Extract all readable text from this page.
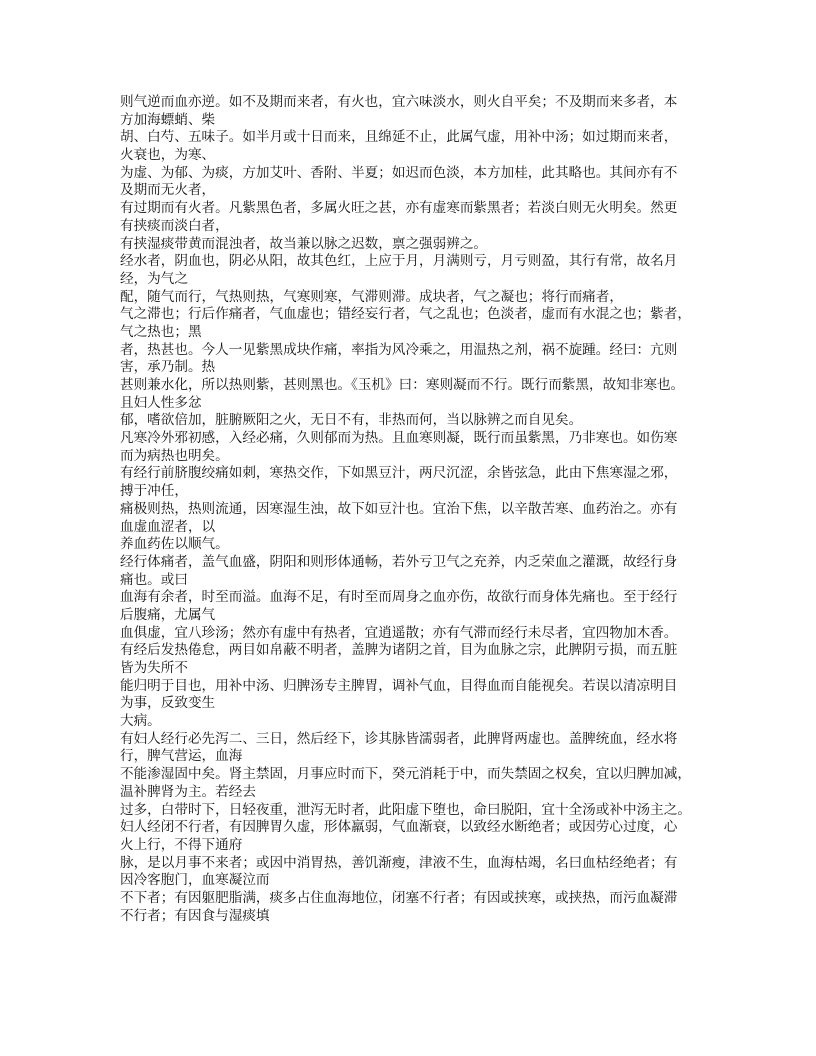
则气逆而血亦逆。如不及期而来者，有火也，宜六味淡水，则火自平矣；不及期而来多者，本
方加海螵蛸、柴
胡、白芍、五味子。如半月或十日而来，且绵延不止，此属气虚，用补中汤；如过期而来者，
火衰也，为寒、
为虚、为郁、为痰，方加艾叶、香附、半夏；如迟而色淡，本方加桂，此其略也。其间亦有不
及期而无火者，
有过期而有火者。凡紫黑色者，多属火旺之甚，亦有虚寒而紫黑者；若淡白则无火明矣。然更
有挟痰而淡白者，
有挟湿痰带黄而混浊者，故当兼以脉之迟数，禀之强弱辨之。
经水者，阴血也，阴必从阳，故其色红，上应于月，月满则亏，月亏则盈，其行有常，故名月
经，为气之
配，随气而行，气热则热，气寒则寒，气滞则滞。成块者，气之凝也；将行而痛者，
气之滞也；行后作痛者，气血虚也；错经妄行者，气之乱也；色淡者，虚而有水混之也；紫者，
气之热也；黑
者，热甚也。今人一见紫黑成块作痛，率指为风冷乘之，用温热之剂，祸不旋踵。经曰：亢则
害，承乃制。热
甚则兼水化，所以热则紫，甚则黑也。《玉机》曰：寒则凝而不行。既行而紫黑，故知非寒也。
且妇人性多忿
郁，嗜欲倍加，脏腑厥阳之火，无日不有，非热而何，当以脉辨之而自见矣。
凡寒冷外邪初感，入经必痛，久则郁而为热。且血寒则凝，既行而虽紫黑，乃非寒也。如伤寒
而为病热也明矣。
有经行前脐腹绞痛如刺，寒热交作，下如黑豆汁，两尺沉涩，余皆弦急，此由下焦寒湿之邪，
搏于冲任，
痛极则热，热则流通，因寒湿生浊，故下如豆汁也。宜治下焦，以辛散苦寒、血药治之。亦有
血虚血涩者，以
养血药佐以顺气。
经行体痛者，盖气血盛，阴阳和则形体通畅，若外亏卫气之充养，内乏荣血之灌溉，故经行身
痛也。或曰
血海有余者，时至而溢。血海不足，有时至而周身之血亦伤，故欲行而身体先痛也。至于经行
后腹痛，尤属气
血俱虚，宜八珍汤；然亦有虚中有热者，宜逍遥散；亦有气滞而经行未尽者，宜四物加木香。
有经后发热倦怠，两目如帛蔽不明者，盖脾为诸阴之首，目为血脉之宗，此脾阴亏损，而五脏
皆为失所不
能归明于目也，用补中汤、归脾汤专主脾胃，调补气血，目得血而自能视矣。若误以清凉明目
为事，反致变生
大病。
有妇人经行必先泻二、三日，然后经下，诊其脉皆濡弱者，此脾肾两虚也。盖脾统血，经水将
行，脾气营运，血海
不能渗湿固中矣。肾主禁固，月事应时而下，癸元消耗于中，而失禁固之权矣，宜以归脾加减，
温补脾肾为主。若经去
过多，白带时下，日轻夜重，泄泻无时者，此阳虚下堕也，命曰脱阳，宜十全汤或补中汤主之。
妇人经闭不行者，有因脾胃久虚，形体羸弱，气血渐衰，以致经水断绝者；或因劳心过度，心
火上行，不得下通府
脉，是以月事不来者；或因中消胃热，善饥渐瘦，津液不生，血海枯竭，名曰血枯经绝者；有
因冷客胞门，血寒凝泣而
不下者；有因躯肥脂满，痰多占住血海地位，闭塞不行者；有因或挟寒，或挟热，而污血凝滞
不行者；有因食与湿痰填
